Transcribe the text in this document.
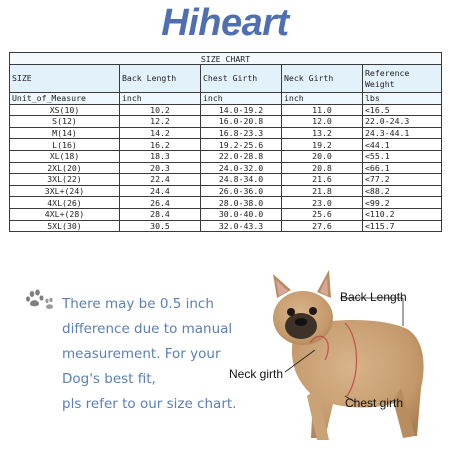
Hiheart
SIZE CHART				
SIZE	Back Length	Chest Girth	Neck Girth	Reference Weight
Unit_of_Measure	inch	inch	inch	lbs
XS(10)	10.2	14.0-19.2	11.0	<16.5
S(12)	12.2	16.0-20.8	12.0	22.0-24.3
M(14)	14.2	16.8-23.3	13.2	24.3-44.1
L(16)	16.2	19.2-25.6	19.2	<44.1
XL(18)	18.3	22.0-28.8	20.0	<55.1
2XL(20)	20.3	24.0-32.0	20.8	<66.1
3XL(22)	22.4	24.8-34.0	21.6	<77.2
3XL+(24)	24.4	26.0-36.0	21.8	<88.2
4XL(26)	26.4	28.0-38.0	23.0	<99.2
4XL+(28)	28.4	30.0-40.0	25.6	<110.2
5XL(30)	30.5	32.0-43.3	27.6	<115.7
There may be 0.5 inch
difference due to manual
measurement. For your
Dog's best fit,
pls refer to our size chart.
Back Length
Neck girth
Chest girth
